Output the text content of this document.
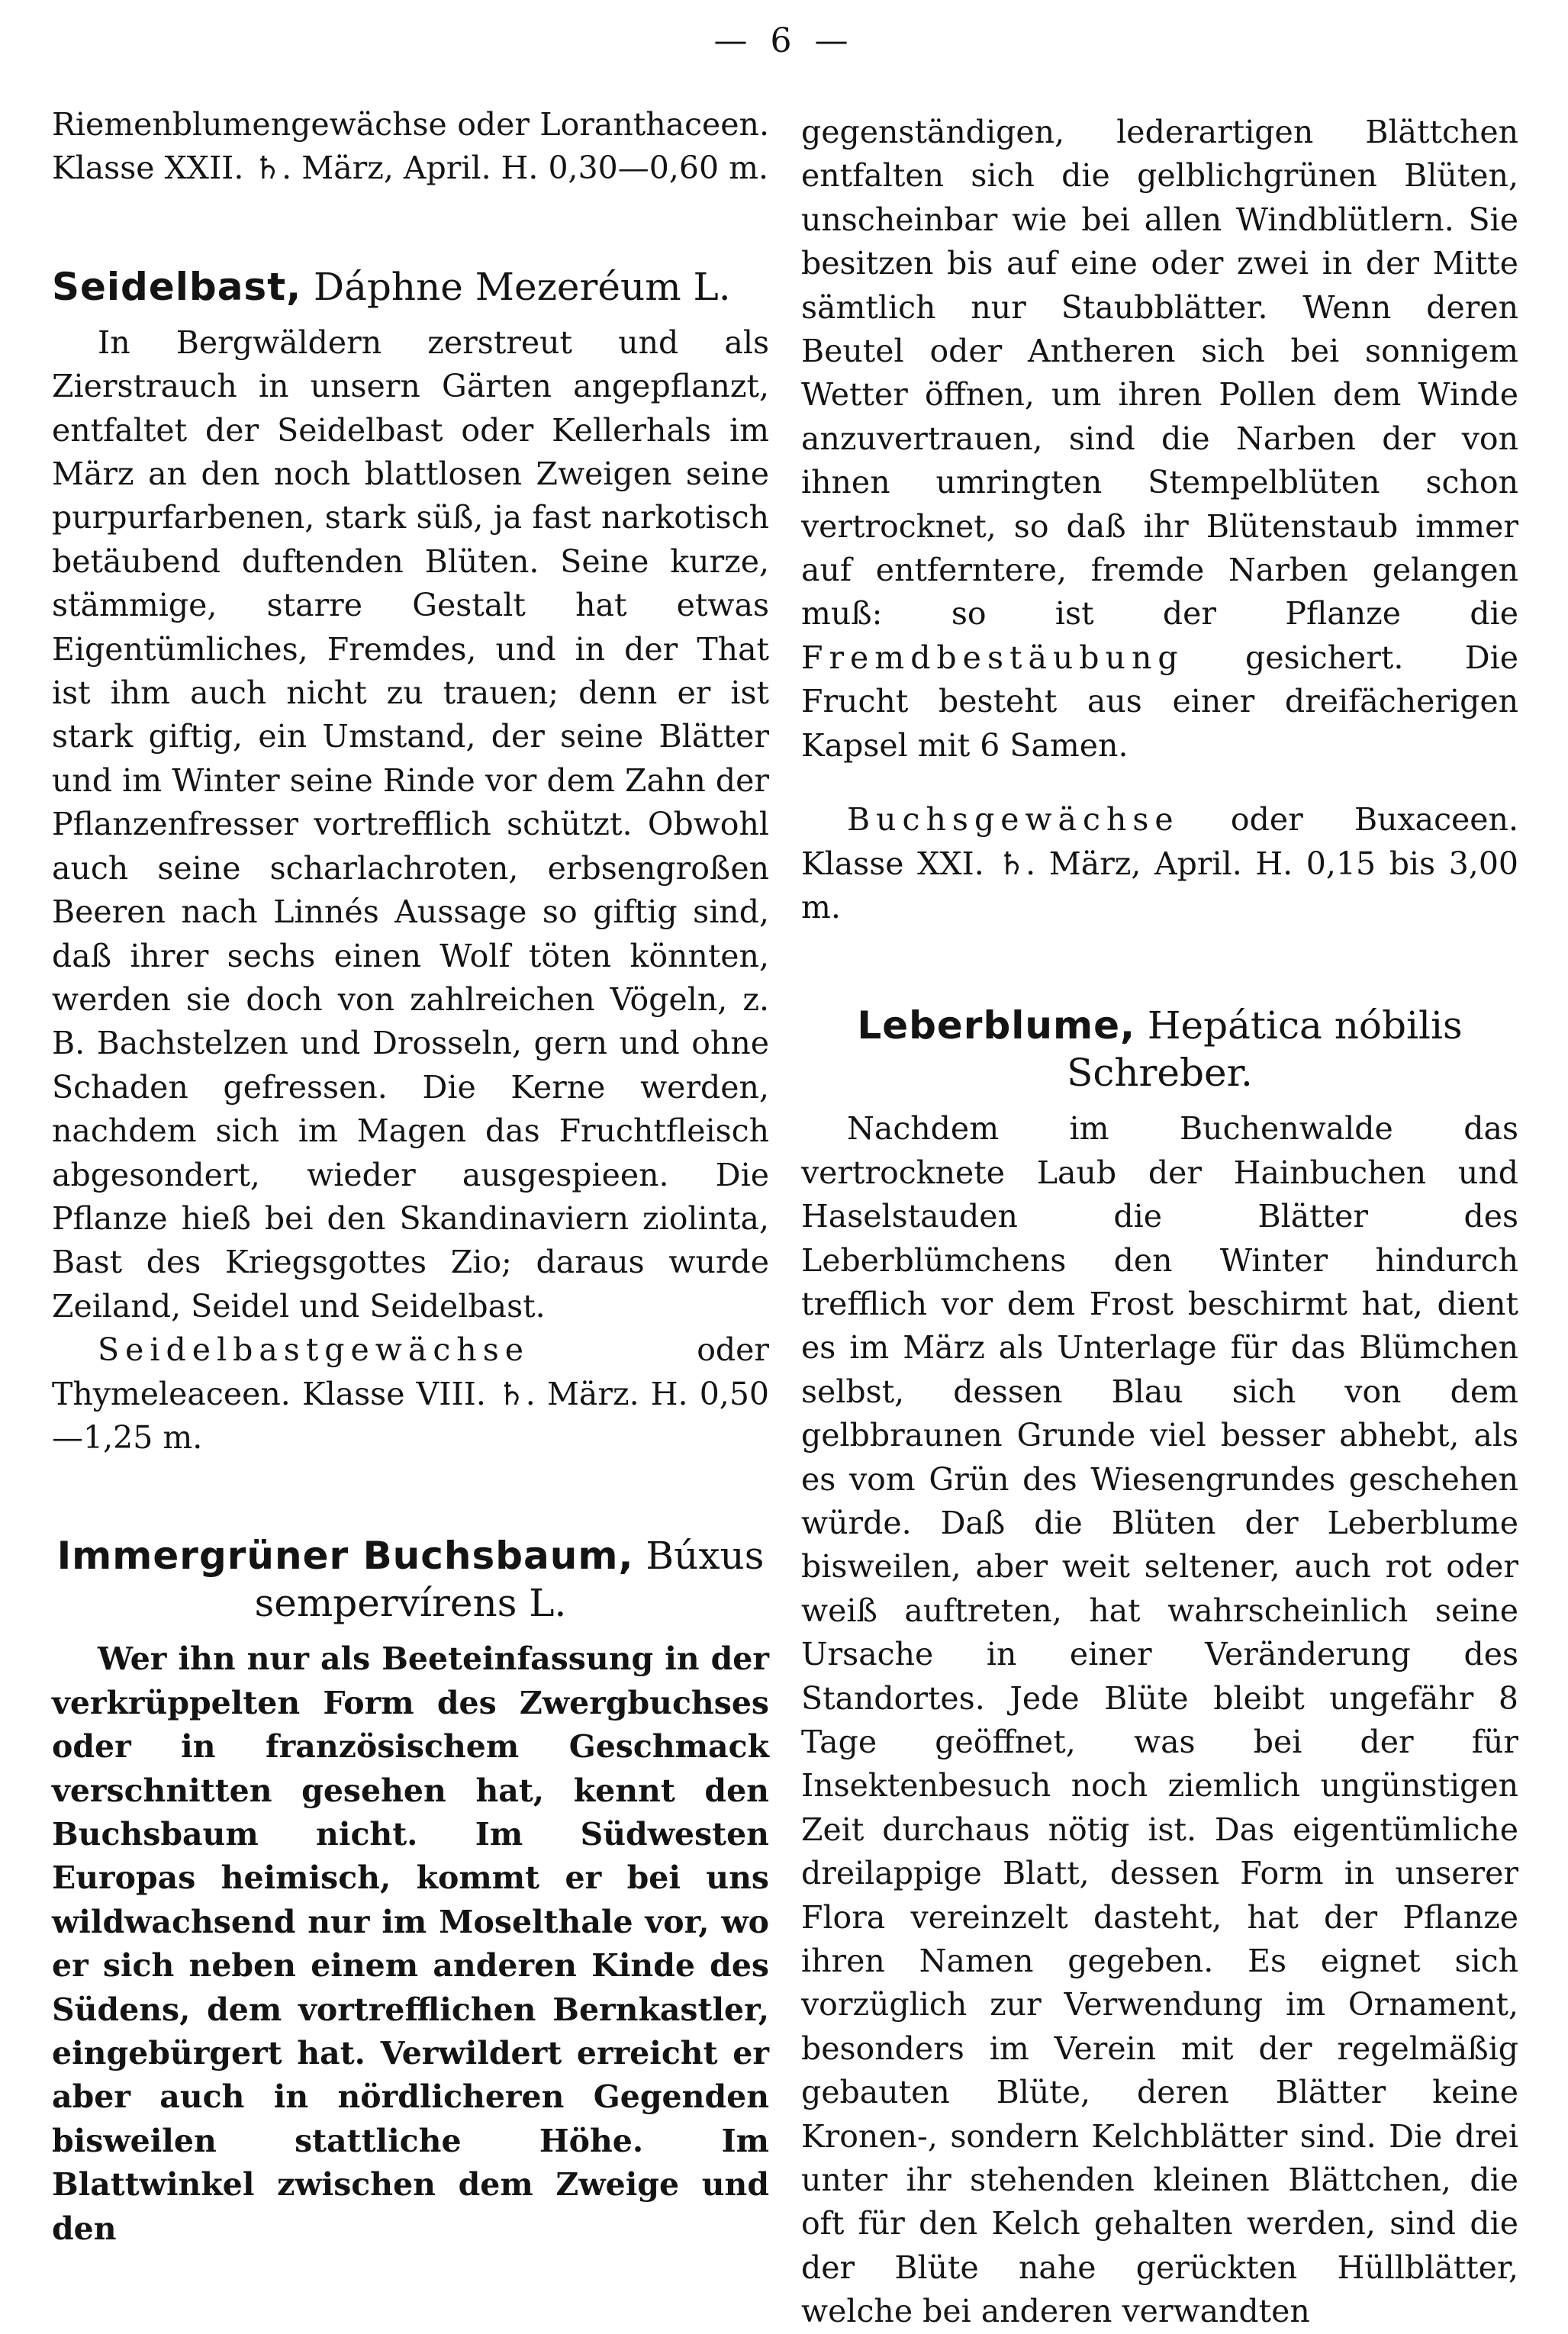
— 6 —

Riemenblumengewächse oder Loranthaceen. Klasse XXII. ♄. März, April. H. 0,30—0,60 m.

Seidelbast, Dáphne Mezeréum L.

In Bergwäldern zerstreut und als Zierstrauch in unsern Gärten angepflanzt, entfaltet der Seidelbast oder Kellerhals im März an den noch blattlosen Zweigen seine purpurfarbenen, stark süß, ja fast narkotisch betäubend duftenden Blüten. Seine kurze, stämmige, starre Gestalt hat etwas Eigentümliches, Fremdes, und in der That ist ihm auch nicht zu trauen; denn er ist stark giftig, ein Umstand, der seine Blätter und im Winter seine Rinde vor dem Zahn der Pflanzenfresser vortrefflich schützt. Obwohl auch seine scharlachroten, erbsengroßen Beeren nach Linnés Aussage so giftig sind, daß ihrer sechs einen Wolf töten könnten, werden sie doch von zahlreichen Vögeln, z. B. Bachstelzen und Drosseln, gern und ohne Schaden gefressen. Die Kerne werden, nachdem sich im Magen das Fruchtfleisch abgesondert, wieder ausgespieen. Die Pflanze hieß bei den Skandinaviern ziolinta, Bast des Kriegsgottes Zio; daraus wurde Zeiland, Seidel und Seidelbast.

Seidelbastgewächse oder Thymeleaceen. Klasse VIII. ♄. März. H. 0,50—1,25 m.

Immergrüner Buchsbaum, Búxus sempervírens L.

Wer ihn nur als Beeteinfassung in der verkrüppelten Form des Zwergbuchses oder in französischem Geschmack verschnitten gesehen hat, kennt den Buchsbaum nicht. Im Südwesten Europas heimisch, kommt er bei uns wildwachsend nur im Moselthale vor, wo er sich neben einem anderen Kinde des Südens, dem vortrefflichen Bernkastler, eingebürgert hat. Verwildert erreicht er aber auch in nördlicheren Gegenden bisweilen stattliche Höhe. Im Blattwinkel zwischen dem Zweige und den

gegenständigen, lederartigen Blättchen entfalten sich die gelblichgrünen Blüten, unscheinbar wie bei allen Windblütlern. Sie besitzen bis auf eine oder zwei in der Mitte sämtlich nur Staubblätter. Wenn deren Beutel oder Antheren sich bei sonnigem Wetter öffnen, um ihren Pollen dem Winde anzuvertrauen, sind die Narben der von ihnen umringten Stempelblüten schon vertrocknet, so daß ihr Blütenstaub immer auf entferntere, fremde Narben gelangen muß: so ist der Pflanze die Fremdbestäubung gesichert. Die Frucht besteht aus einer dreifächerigen Kapsel mit 6 Samen.

Buchsgewächse oder Buxaceen. Klasse XXI. ♄. März, April. H. 0,15 bis 3,00 m.

Leberblume, Hepática nóbilis Schreber.

Nachdem im Buchenwalde das vertrocknete Laub der Hainbuchen und Haselstauden die Blätter des Leberblümchens den Winter hindurch trefflich vor dem Frost beschirmt hat, dient es im März als Unterlage für das Blümchen selbst, dessen Blau sich von dem gelbbraunen Grunde viel besser abhebt, als es vom Grün des Wiesengrundes geschehen würde. Daß die Blüten der Leberblume bisweilen, aber weit seltener, auch rot oder weiß auftreten, hat wahrscheinlich seine Ursache in einer Veränderung des Standortes. Jede Blüte bleibt ungefähr 8 Tage geöffnet, was bei der für Insektenbesuch noch ziemlich ungünstigen Zeit durchaus nötig ist. Das eigentümliche dreilappige Blatt, dessen Form in unserer Flora vereinzelt dasteht, hat der Pflanze ihren Namen gegeben. Es eignet sich vorzüglich zur Verwendung im Ornament, besonders im Verein mit der regelmäßig gebauten Blüte, deren Blätter keine Kronen-, sondern Kelchblätter sind. Die drei unter ihr stehenden kleinen Blättchen, die oft für den Kelch gehalten werden, sind die der Blüte nahe gerückten Hüllblätter, welche bei anderen verwandten
